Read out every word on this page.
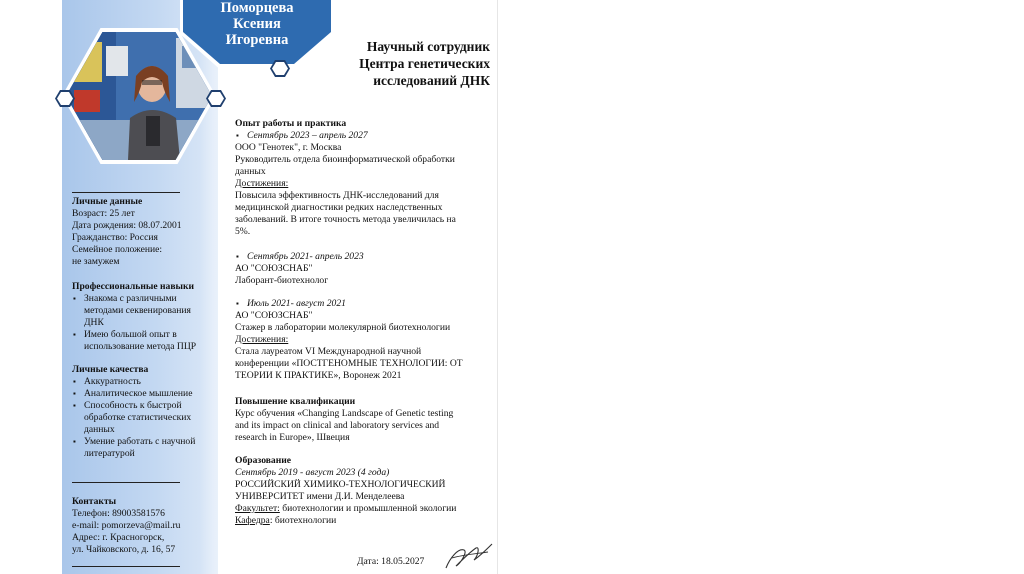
Поморцева
Ксения
Игоревна	Научный сотрудник
Центра генетических
исследований ДНК
Личные данные
Возраст: 25 лет
Дата рождения: 08.07.2001
Гражданство: Россия
Семейное положение:
не замужем
Профессиональные навыки
▪ Знакома с различными методами секвенирования ДНК
▪ Имею большой опыт в использование метода ПЦР
Личные качества
▪ Аккуратность
▪ Аналитическое мышление
▪ Способность к быстрой обработке статистических данных
▪ Умение работать с научной литературой
Контакты
Телефон: 89003581576
e-mail: pomorzeva@mail.ru
Адрес: г. Красногорск,
ул. Чайковского, д. 16, 57
Опыт работы и практика
▪ Сентябрь 2023 – апрель 2027
ООО "Генотек", г. Москва
Руководитель отдела биоинформатической обработки
данных
Достижения:
Повысила эффективность ДНК-исследований для
медицинской диагностики редких наследственных
заболеваний. В итоге точность метода увеличилась на
5%.
▪ Сентябрь 2021- апрель 2023
АО "СОЮЗСНАБ"
Лаборант-биотехнолог
▪ Июль 2021- август 2021
АО "СОЮЗСНАБ"
Стажер в лаборатории молекулярной биотехнологии
Достижения:
Стала лауреатом VI Международной научной
конференции «ПОСТГЕНОМНЫЕ ТЕХНОЛОГИИ: ОТ
ТЕОРИИ К ПРАКТИКЕ», Воронеж 2021
Повышение квалификации
Курс обучения «Changing Landscape of Genetic testing
and its impact on clinical and laboratory services and
research in Europe», Швеция
Образование
Сентябрь 2019 - август 2023 (4 года)
РОССИЙСКИЙ ХИМИКО-ТЕХНОЛОГИЧЕСКИЙ
УНИВЕРСИТЕТ имени Д.И. Менделеева
Факультет: биотехнологии и промышленной экологии
Кафедра: биотехнологии
Дата: 18.05.2027
